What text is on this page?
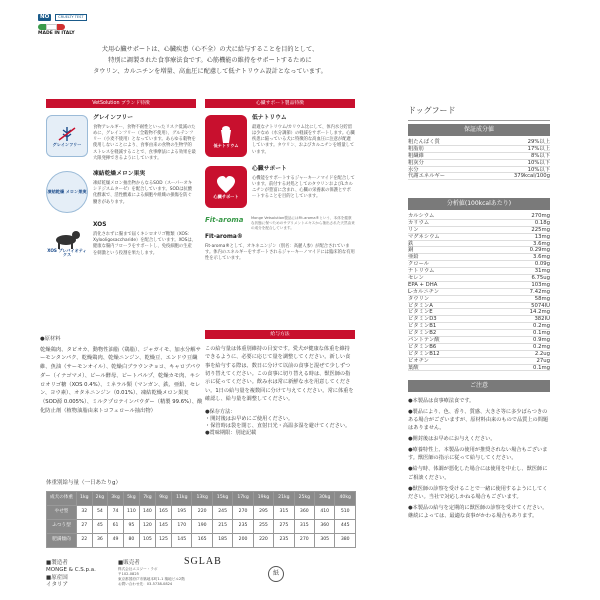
NO	CRUELTY TEST
MADE IN ITALY
犬用心臓サポートは、心臓疾患（心不全）の犬に給与することを目的として、
特別に調製された食事療法食です。心筋機能の維持をサポートするために
タウリン、カルニチンを増量、高血圧に配慮して低ナトリウム設計となっています。
VetSolution ブランド特徴
グレインフリー
グレインフリー
食物アレルギー、食物不耐性といったリスク低減のために、グレインフリー（全穀物不使用）、グルテンフリー（小麦不使用）となっています。あらゆる穀物を使用しないことにより、食事由来の食物の生物学的ストレスを軽減することで、食事療法による効果を最大限発揮できるようにしています。
凍結乾燥 メロン果実
凍結乾燥メロン果実
凍結乾燥メロン抽出物からなるSOD（スーパーオキシドジスムターゼ）を配合しています。SODは抗酸化酵素で、活性酸素による細胞や組織の損傷を防ぐ働きがあります。
XOS プレバイオティクス
XOS
消化されずに腸まで届くキシロオリゴ糖類（XOS：Xylooligosaccharide）を配合しています。XOSは、健康な腸内フローラをサポートし、免疫細胞の生産を刺激という役割を果たします。
心臓サポート製品特徴
低ナトリウム
低ナトリウム
最適なナトリウム/カリウム比にして、体内水分貯留は少なめ（水分調節）の軽減をサポートします。心臓疾患に陥っている犬に特徴的な高血圧に注意が配慮しています。タウリン、およびカルニチンを増量しています。
心臓サポート
心臓サポート
心機能をサポートするジャーキーノマイドを配合しています。前付する対処としてのタウリンおよびLカルニチンが豊富に含まれ、心臓の栄養素の保護とサポートすることを目的としています。
Fit-aroma	Monge Vetsolution製品にはFit-aroma®という、本体を健康な状態に保つためのサプリメントエキスから抽出された天然由来の成分を配合しています。
Fit-aroma®
Fit-aroma®として、オキネニンジン（別名：高麗人参）が配合されています。体内のエネルギーをサポートされるジャーキーノマイドには臨床的な有用性を示しています。
●原材料
乾燥鶏肉、タピオカ、動物性油脂（鶏脂）、ジャガイモ、加水分解サーモンタンパク、乾燥鶏肉、乾燥ニンジン、乾燥豆、エンドウ豆繊維、魚油（サーモンオイル）、乾燥白ブラウンチョコ、キャロブパウダー（イナゴマメ）、ビール酵母、ビートパルプ、乾燥カモ肉、キシロオリゴ糖（XOS 0.4%）、ミネラル類（マンガン、鉄、亜鉛、セレン、ヨウ素）、オタネニンジン（0.01%）、凍結乾燥メロン果実（SOD源 0.005%）、ミルクプロテインパウダー（精製 99.6%）、酸化防止剤（植物油脂由来トコフェロール抽出物）
給与方法
この給与量は体重別維持の目安です。愛犬が健康な体重を維持できるように、必要に応じて量を調整してください。新しい食事を給与する際は、数日に分けて以前の食事と混ぜて少しずつ切り替えてください。この食事に切り替える時は、獣医師の指示に従ってください。飲み水は常に新鮮な水を用意してください。1日の給与量を複数回に分けて与えてください。常に体重を確認し、給与量を調整してください。
●保存方法：
・開封後はお早めにご使用ください。
・保管時は袋を閉じ、直射日光・高温多湿を避けてください。
●賞味期限：別途記載
体重別給与量（一日あたりg）
成犬の体重	1kg	2kg	3kg	5kg	7kg	9kg	11kg	13kg	15kg	17kg	19kg	21kg	25kg	30kg	40kg
やせ型	32	54	74	110	140	165	195	220	245	270	295	315	360	410	510
ふつう型	27	45	61	95	120	145	170	190	215	235	255	275	315	360	445
肥満傾向	22	36	49	80	105	125	145	165	185	200	220	235	270	305	380
■製造者
MONGE & C.S.p.a.
■原産国
イタリア
■販売者
株式会社エスジー・ラボ
〒102-0825
東京都国府戸市築地本町1-1 築地ビル2階
お問い合わせ先：03-5738-0824
SGLAB
紙
ドッグフード
保証成分値
粗たんぱく質	29%以上
粗脂肪	17%以上
粗繊維	8%以下
粗灰分	10%以下
水分	10%以下
代謝エネルギー	379kcal/100g
分析値(100kcalあたり)
カルシウム	270mg
カリウム	0.18g
リン	225mg
マグネシウム	13mg
鉄	3.6mg
銅	0.29mg
亜鉛	3.6mg
クロール	0.09g
ナトリウム	31mg
セレン	6.75ug
EPA + DHA	103mg
L-カルニチン	7.42mg
タウリン	58mg
ビタミンA	5074IU
ビタミンE	14.2mg
ビタミンD3	382IU
ビタミンB1	0.2mg
ビタミンB2	0.1mg
パントテン酸	0.9mg
ビタミンB6	0.2mg
ビタミンB12	2.2ug
ビオチン	27ug
葉酸	0.1mg
ご注意
●本製品は食事療法食です。
●製品により、色、香り、質感、大きさ等に多少ばらつきのある場合がございますが、原材料由来のもので品質上の問題はありません。
●開封後はお早めにお与えください。
●療養特性上、本製品の使用が推奨されない場合もございます。獣医師の指示に従って給与してください。
●給与時、体調が悪化した場合には使用を中止し、獣医師にご相談ください。
●獣医師の診察を受けることで一緒に使用するようにしてください。当社で対応しかねる場合もございます。
●本製品の給与を定期的に獣医師の診察を受けてください。継続によっては、最適な食事がかわる場合もあります。
